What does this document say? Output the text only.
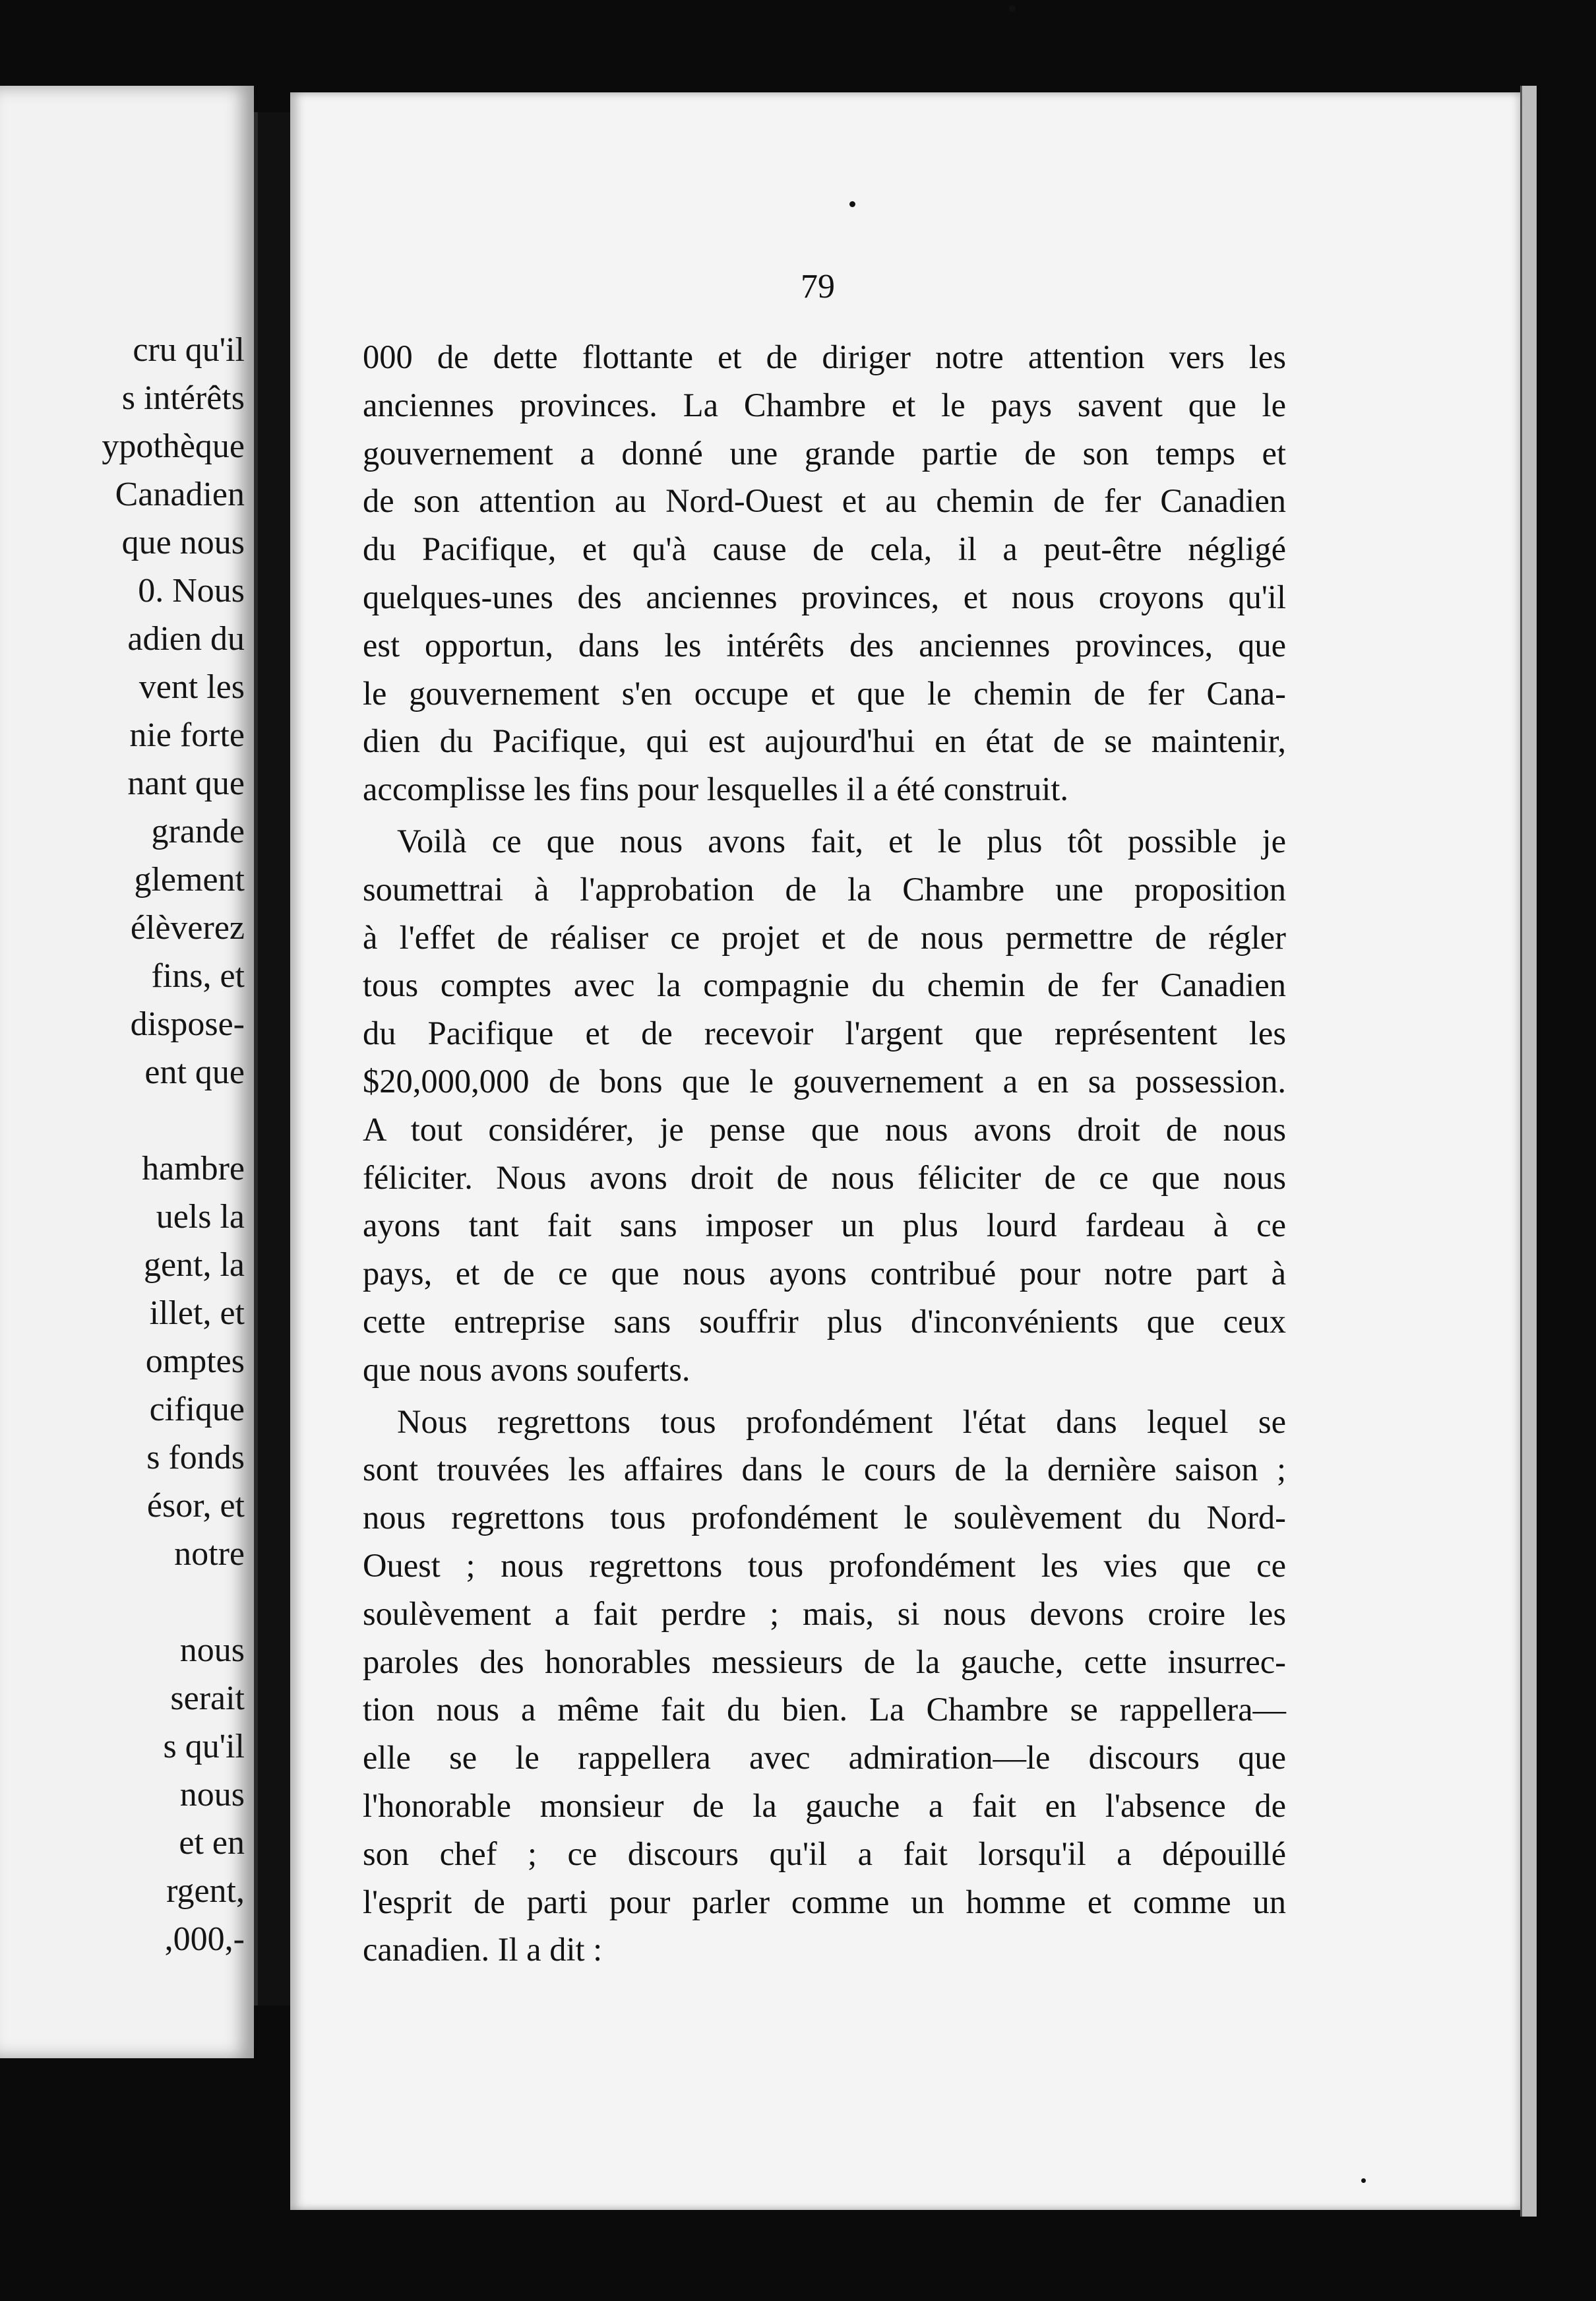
cru qu'il
s intérêts
ypothèque
Canadien
que nous
0. Nous
adien du
vent les
nie forte
nant que
grande
glement
élèverez
fins, et
dispose-
ent que
hambre
uels la
gent, la
illet, et
omptes
cifique
s fonds
ésor, et
notre
nous
serait
s qu'il
nous
et en
rgent,
,000,-
79
000 de dette flottante et de diriger notre attention vers les
anciennes provinces. La Chambre et le pays savent que le
gouvernement a donné une grande partie de son temps et
de son attention au Nord-Ouest et au chemin de fer Canadien
du Pacifique, et qu'à cause de cela, il a peut-être négligé
quelques-unes des anciennes provinces, et nous croyons qu'il
est opportun, dans les intérêts des anciennes provinces, que
le gouvernement s'en occupe et que le chemin de fer Cana-
dien du Pacifique, qui est aujourd'hui en état de se maintenir,
accomplisse les fins pour lesquelles il a été construit.
Voilà ce que nous avons fait, et le plus tôt possible je
soumettrai à l'approbation de la Chambre une proposition
à l'effet de réaliser ce projet et de nous permettre de régler
tous comptes avec la compagnie du chemin de fer Canadien
du Pacifique et de recevoir l'argent que représentent les
$20,000,000 de bons que le gouvernement a en sa possession.
A tout considérer, je pense que nous avons droit de nous
féliciter. Nous avons droit de nous féliciter de ce que nous
ayons tant fait sans imposer un plus lourd fardeau à ce
pays, et de ce que nous ayons contribué pour notre part à
cette entreprise sans souffrir plus d'inconvénients que ceux
que nous avons souferts.
Nous regrettons tous profondément l'état dans lequel se
sont trouvées les affaires dans le cours de la dernière saison ;
nous regrettons tous profondément le soulèvement du Nord-
Ouest ; nous regrettons tous profondément les vies que ce
soulèvement a fait perdre ; mais, si nous devons croire les
paroles des honorables messieurs de la gauche, cette insurrec-
tion nous a même fait du bien. La Chambre se rappellera—
elle se le rappellera avec admiration—le discours que
l'honorable monsieur de la gauche a fait en l'absence de
son chef ; ce discours qu'il a fait lorsqu'il a dépouillé
l'esprit de parti pour parler comme un homme et comme un
canadien. Il a dit :
